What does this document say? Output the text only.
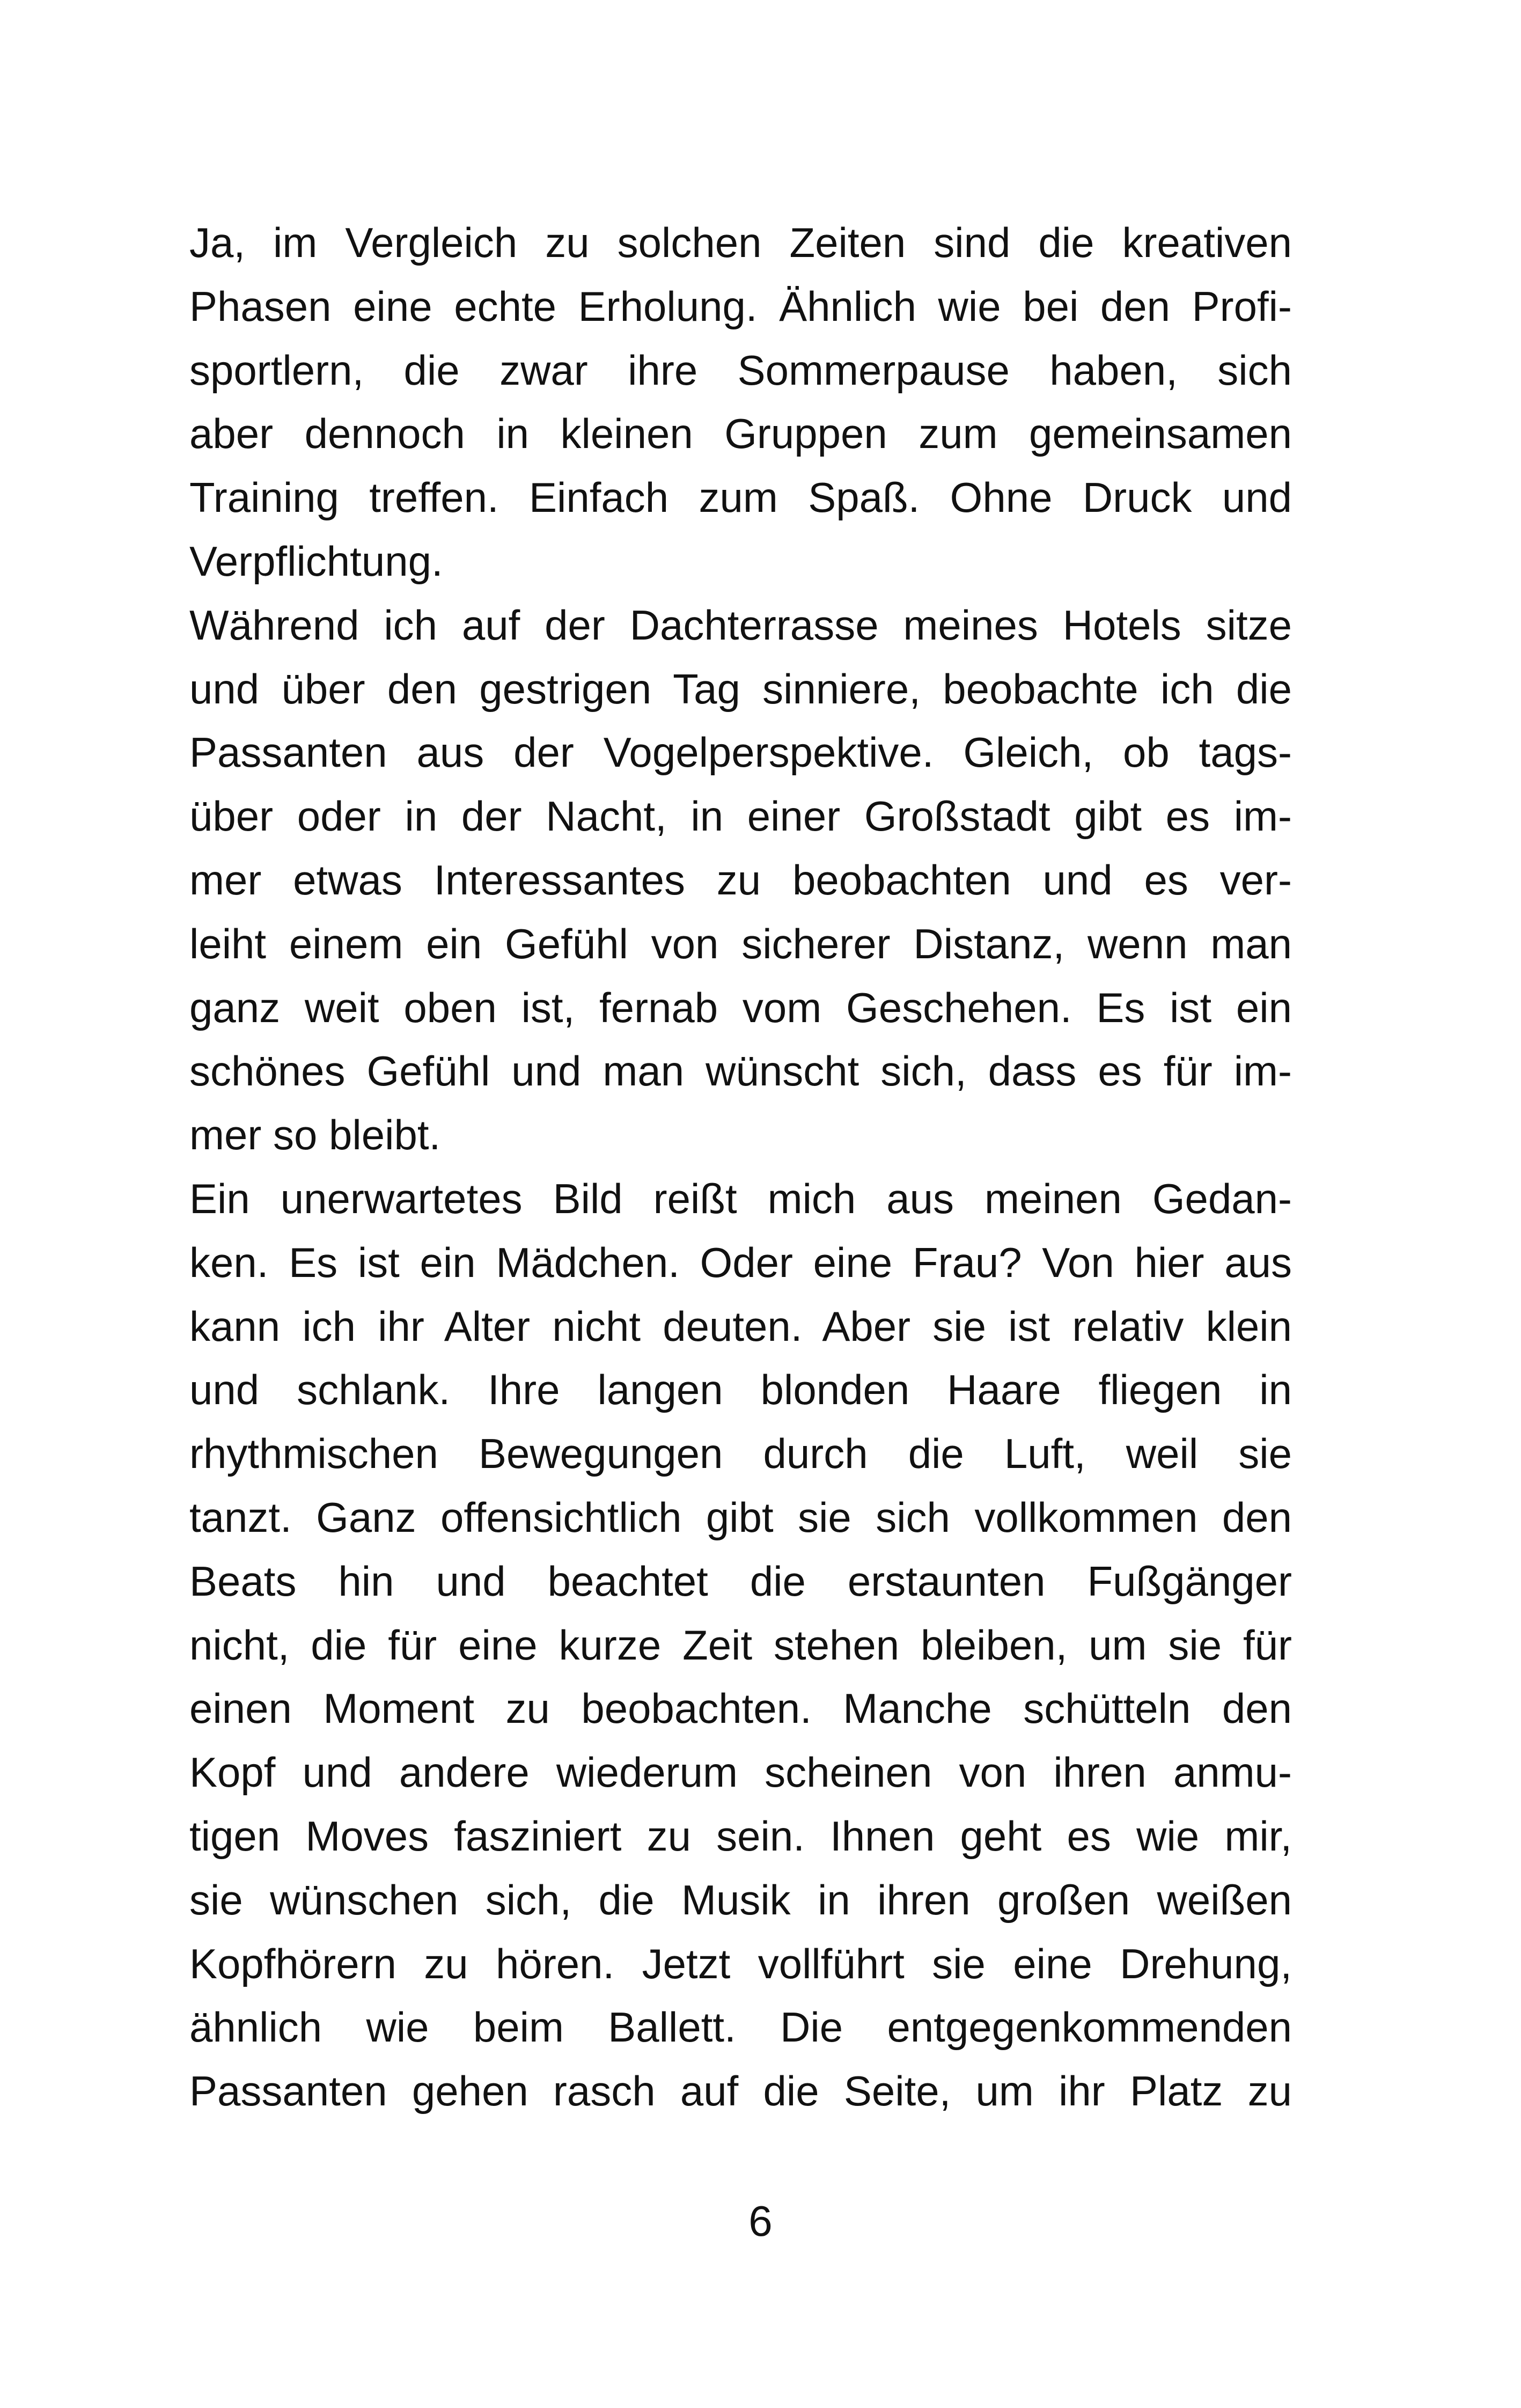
Ja, im Vergleich zu solchen Zeiten sind die kreativen
Phasen eine echte Erholung. Ähnlich wie bei den Profi-
sportlern, die zwar ihre Sommerpause haben, sich
aber dennoch in kleinen Gruppen zum gemeinsamen
Training treffen. Einfach zum Spaß. Ohne Druck und
Verpflichtung.
Während ich auf der Dachterrasse meines Hotels sitze
und über den gestrigen Tag sinniere, beobachte ich die
Passanten aus der Vogelperspektive. Gleich, ob tags-
über oder in der Nacht, in einer Großstadt gibt es im-
mer etwas Interessantes zu beobachten und es ver-
leiht einem ein Gefühl von sicherer Distanz, wenn man
ganz weit oben ist, fernab vom Geschehen. Es ist ein
schönes Gefühl und man wünscht sich, dass es für im-
mer so bleibt.
Ein unerwartetes Bild reißt mich aus meinen Gedan-
ken. Es ist ein Mädchen. Oder eine Frau? Von hier aus
kann ich ihr Alter nicht deuten. Aber sie ist relativ klein
und schlank. Ihre langen blonden Haare fliegen in
rhythmischen Bewegungen durch die Luft, weil sie
tanzt. Ganz offensichtlich gibt sie sich vollkommen den
Beats hin und beachtet die erstaunten Fußgänger
nicht, die für eine kurze Zeit stehen bleiben, um sie für
einen Moment zu beobachten. Manche schütteln den
Kopf und andere wiederum scheinen von ihren anmu-
tigen Moves fasziniert zu sein. Ihnen geht es wie mir,
sie wünschen sich, die Musik in ihren großen weißen
Kopfhörern zu hören. Jetzt vollführt sie eine Drehung,
ähnlich wie beim Ballett. Die entgegenkommenden
Passanten gehen rasch auf die Seite, um ihr Platz zu
6
